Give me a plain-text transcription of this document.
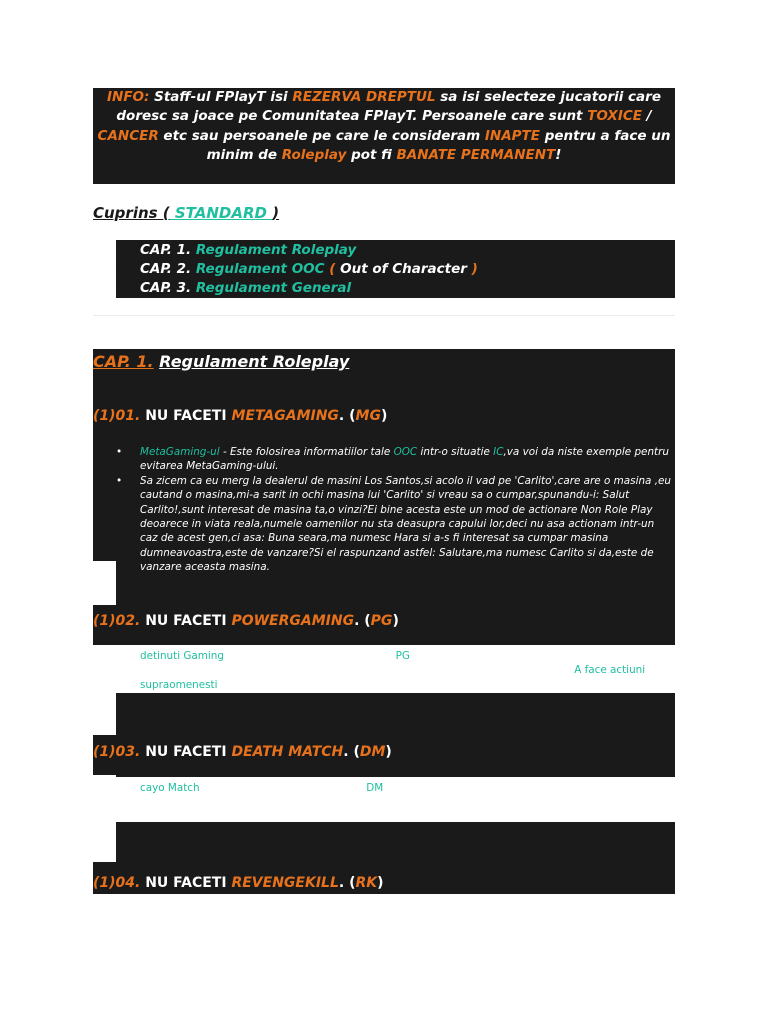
INFO: Staff-ul FPlayT isi REZERVA DREPTUL sa isi selecteze jucatorii care doresc sa joace pe Comunitatea FPlayT. Persoanele care sunt TOXICE / CANCER etc sau persoanele pe care le consideram INAPTE pentru a face un minim de Roleplay pot fi BANATE PERMANENT!
Cuprins ( STANDARD )
• CAP. 1. Regulament Roleplay
• CAP. 2. Regulament OOC ( Out of Character )
• CAP. 3. Regulament General
CAP. 1. Regulament Roleplay
(1)01. NU FACETI METAGAMING. (MG)
• MetaGaming-ul - Este folosirea informatiilor tale OOC intr-o situatie IC,va voi da niste exemple pentru evitarea MetaGaming-ului.
• Sa zicem ca eu merg la dealerul de masini Los Santos,si acolo il vad pe 'Carlito',care are o masina ,eu cautand o masina,mi-a sarit in ochi masina lui 'Carlito' si vreau sa o cumpar,spunandu-i: Salut Carlito!,sunt interesat de masina ta,o vinzi?Ei bine acesta este un mod de actionare Non Role Play deoarece in viata reala,numele oamenilor nu sta deasupra capului lor,deci nu asa actionam intr-un caz de acest gen,ci asa: Buna seara,ma numesc Hara si a-s fi interesat sa cumpar masina dumneavoastra,este de vanzare?Si el raspunzand astfel: Salutare,ma numesc Carlito si da,este de vanzare aceasta masina.
(1)02. NU FACETI POWERGAMING. (PG)
• detinuti Gaming, prescurtarea acestui terment e PG, este atunci cand nu ii dai voie unui 'player' sa raspunda la Role Play-ul facut de tine,s-au mai pe scurt a face Role Play exagerat ( A face actiuni supraomenesti ).
(1)03. NU FACETI DEATH MATCH. (DM)
• cayo Match , prescutarea acestui termen e DM . Acest termen se intalneste pe toate serverele cu orice mod existent in GTA5. Acest termen reprezinta practicarea unor actiuni non-rp . Adica omorarea unu-i individ de pe server fara motiv.
(1)04. NU FACETI REVENGEKILL. (RK)
